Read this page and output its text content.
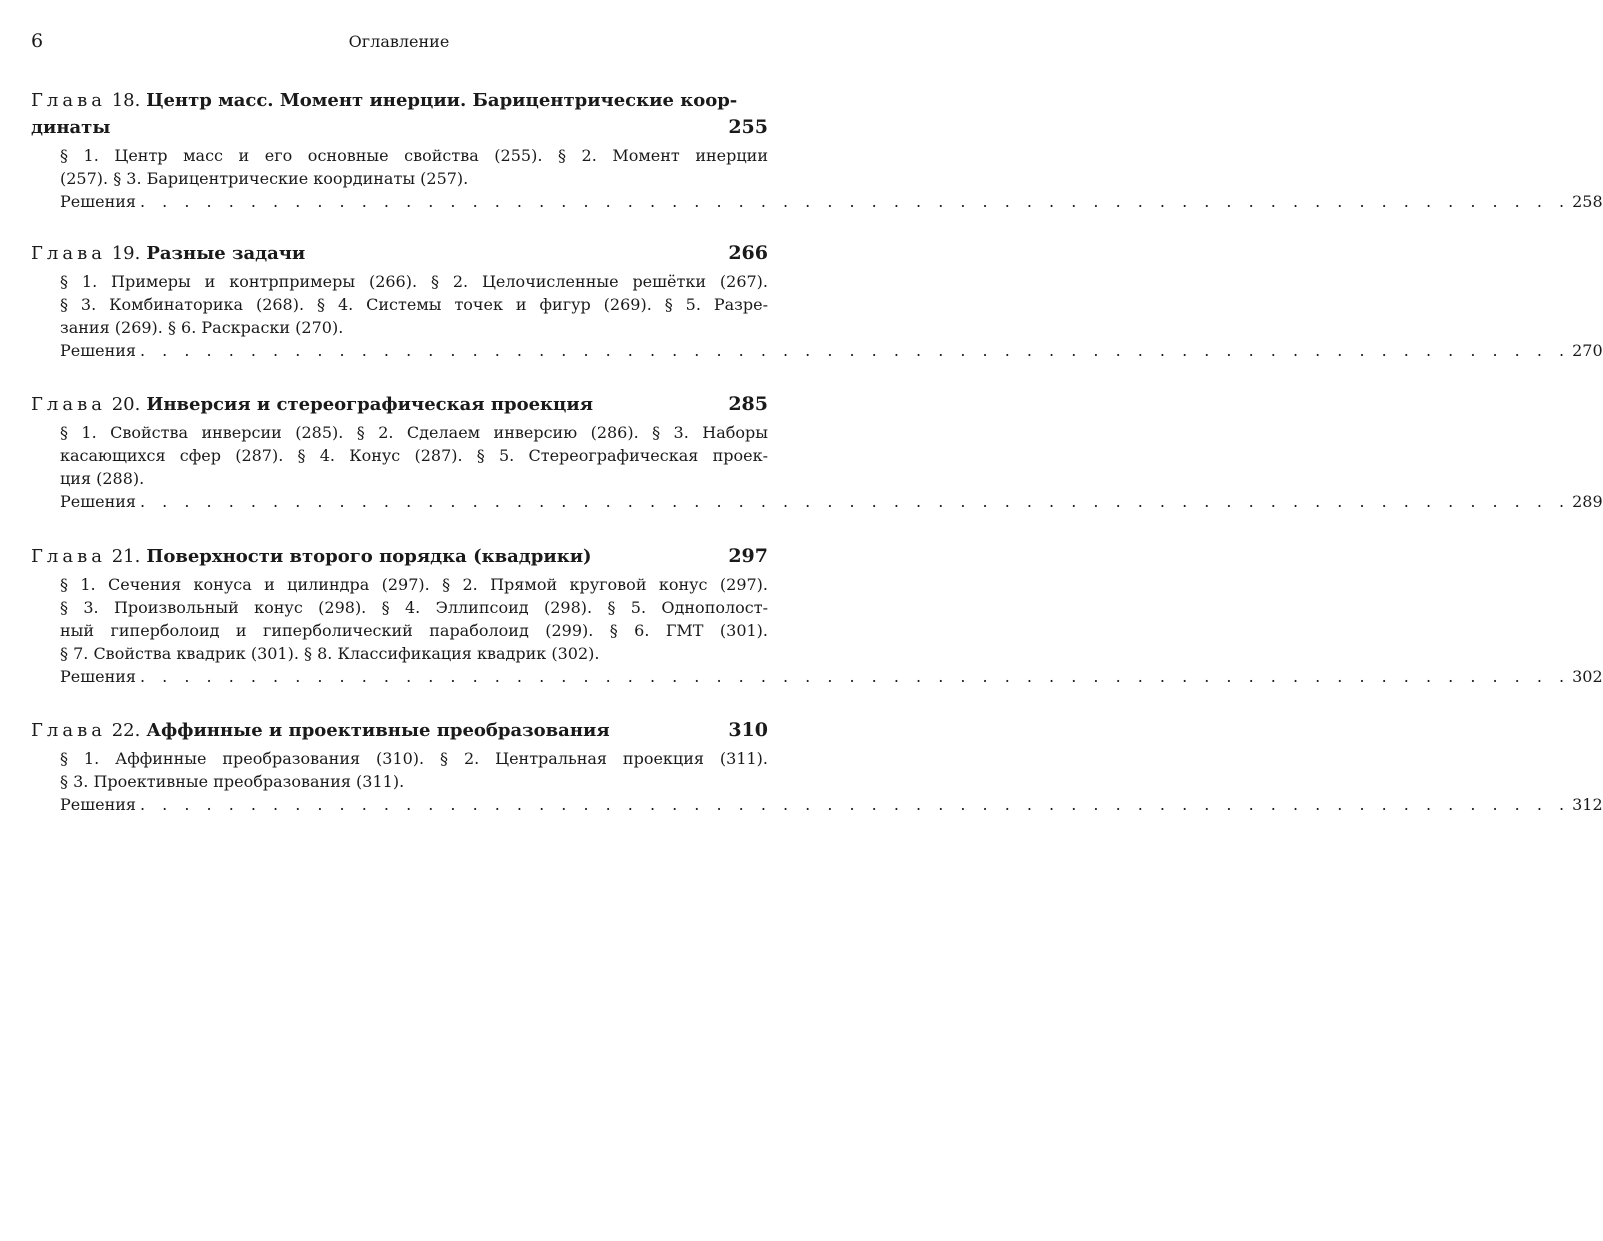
6	Оглавление
Глава 18. Центр масс. Момент инерции. Барицентрические коор-
динаты	255
§ 1. Центр масс и его основные свойства (255). § 2. Момент инерции
(257). § 3. Барицентрические координаты (257).
Решения . . . . . . . . . . . . . . . . . . . . . . . . . . . . . . . . . . . . . . . . . . . . . . . . . . . . . . . . . . . . . . . . . 258
Глава 19. Разные задачи	266
§ 1. Примеры и контрпримеры (266). § 2. Целочисленные решётки (267).
§ 3. Комбинаторика (268). § 4. Системы точек и фигур (269). § 5. Разре-
зания (269). § 6. Раскраски (270).
Решения . . . . . . . . . . . . . . . . . . . . . . . . . . . . . . . . . . . . . . . . . . . . . . . . . . . . . . . . . . . . . . . . . 270
Глава 20. Инверсия и стереографическая проекция	285
§ 1. Свойства инверсии (285). § 2. Сделаем инверсию (286). § 3. Наборы
касающихся сфер (287). § 4. Конус (287). § 5. Стереографическая проек-
ция (288).
Решения . . . . . . . . . . . . . . . . . . . . . . . . . . . . . . . . . . . . . . . . . . . . . . . . . . . . . . . . . . . . . . . . . 289
Глава 21. Поверхности второго порядка (квадрики)	297
§ 1. Сечения конуса и цилиндра (297). § 2. Прямой круговой конус (297).
§ 3. Произвольный конус (298). § 4. Эллипсоид (298). § 5. Однополост-
ный гиперболоид и гиперболический параболоид (299). § 6. ГМТ (301).
§ 7. Свойства квадрик (301). § 8. Классификация квадрик (302).
Решения . . . . . . . . . . . . . . . . . . . . . . . . . . . . . . . . . . . . . . . . . . . . . . . . . . . . . . . . . . . . . . . . . 302
Глава 22. Аффинные и проективные преобразования	310
§ 1. Аффинные преобразования (310). § 2. Центральная проекция (311).
§ 3. Проективные преобразования (311).
Решения . . . . . . . . . . . . . . . . . . . . . . . . . . . . . . . . . . . . . . . . . . . . . . . . . . . . . . . . . . . . . . . . . 312
